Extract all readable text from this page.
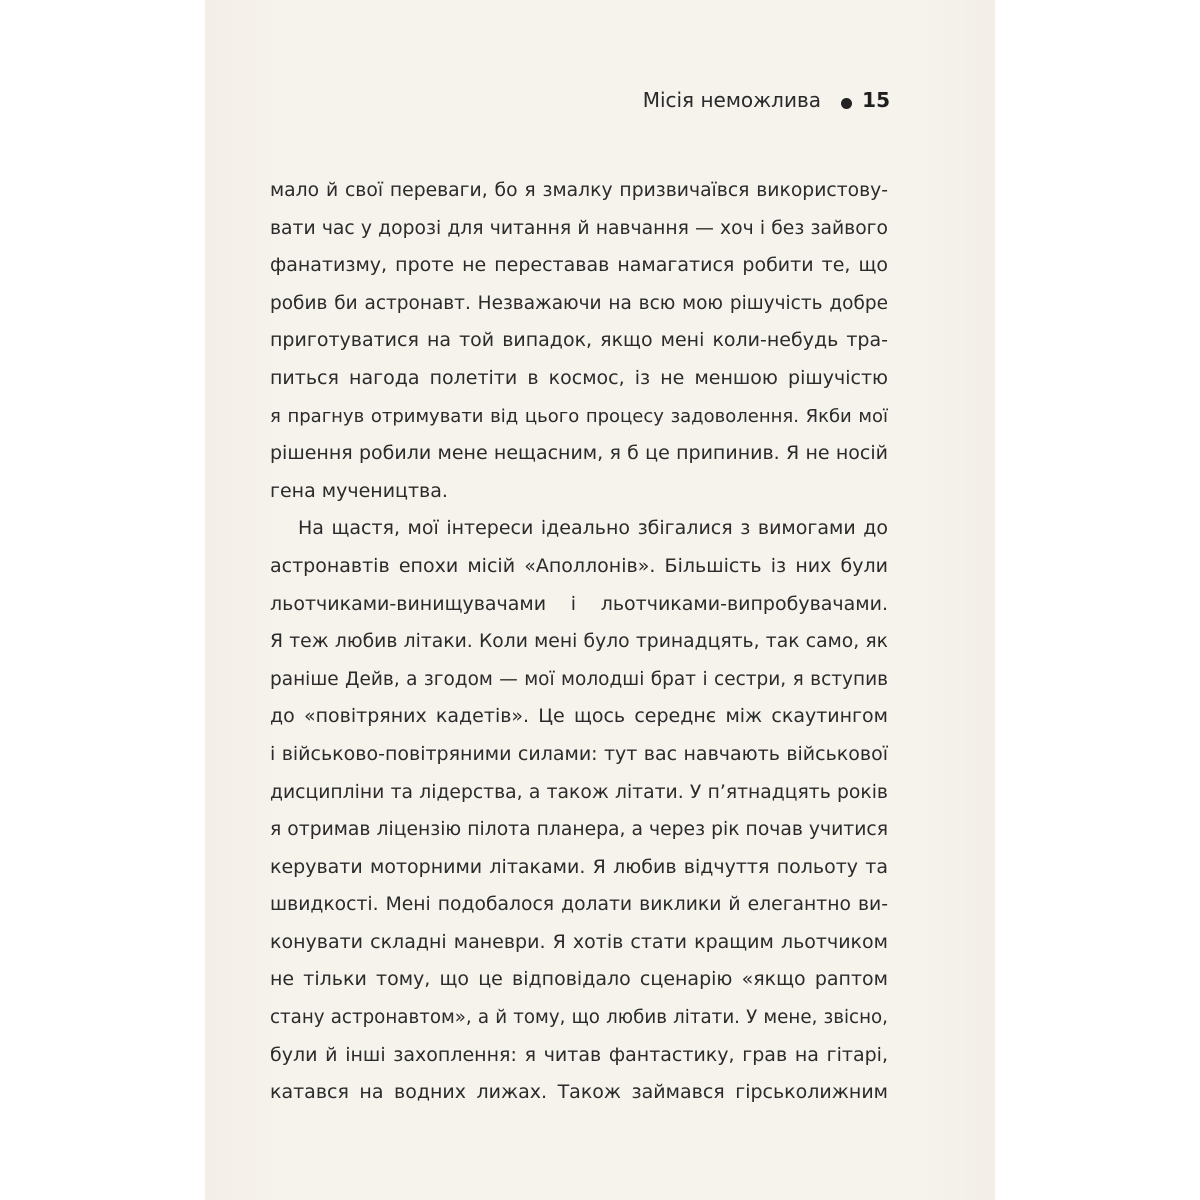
Місія неможлива 15

мало й свої переваги, бо я змалку призвичаївся використову-
вати час у дорозі для читання й навчання — хоч і без зайвого
фанатизму, проте не переставав намагатися робити те, що
робив би астронавт. Незважаючи на всю мою рішучість добре
приготуватися на той випадок, якщо мені коли-небудь тра-
питься нагода полетіти в космос, із не меншою рішучістю
я прагнув отримувати від цього процесу задоволення. Якби мої
рішення робили мене нещасним, я б це припинив. Я не носій
гена мучеництва.

На щастя, мої інтереси ідеально збігалися з вимогами до
астронавтів епохи місій «Аполлонів». Більшість із них були
льотчиками-винищувачами і льотчиками-випробувачами.
Я теж любив літаки. Коли мені було тринадцять, так само, як
раніше Дейв, а згодом — мої молодші брат і сестри, я вступив
до «повітряних кадетів». Це щось середнє між скаутингом
і військово-повітряними силами: тут вас навчають військової
дисципліни та лідерства, а також літати. У п’ятнадцять років
я отримав ліцензію пілота планера, а через рік почав учитися
керувати моторними літаками. Я любив відчуття польоту та
швидкості. Мені подобалося долати виклики й елегантно ви-
конувати складні маневри. Я хотів стати кращим льотчиком
не тільки тому, що це відповідало сценарію «якщо раптом
стану астронавтом», а й тому, що любив літати. У мене, звісно,
були й інші захоплення: я читав фантастику, грав на гітарі,
катався на водних лижах. Також займався гірськолижним
